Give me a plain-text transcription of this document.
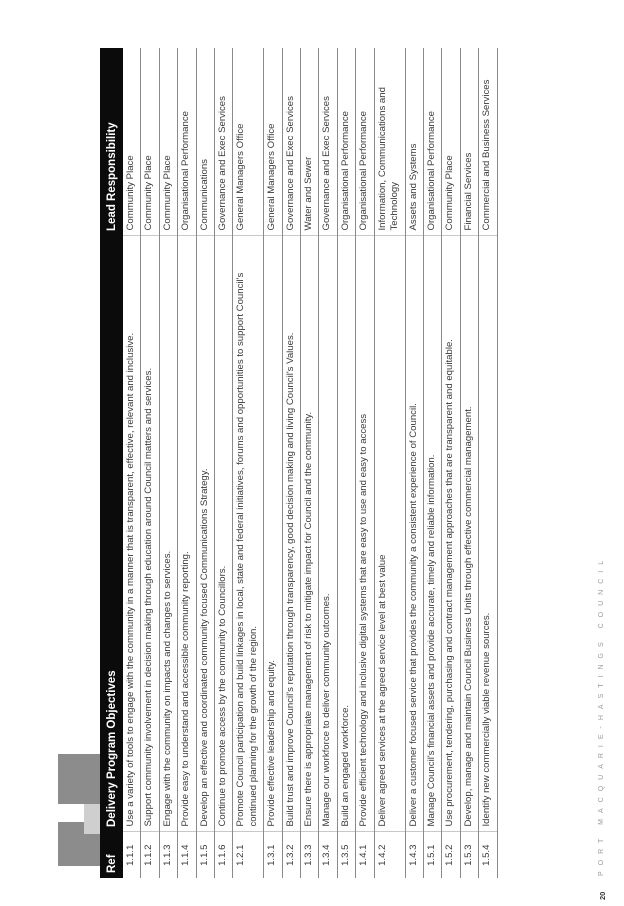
Ref	Delivery Program Objectives	Lead Responsibility
1.1.1	Use a variety of tools to engage with the community in a manner that is transparent, effective, relevant and inclusive.	Community Place
1.1.2	Support community involvement in decision making through education around Council matters and services.	Community Place
1.1.3	Engage with the community on impacts and changes to services.	Community Place
1.1.4	Provide easy to understand and accessible community reporting.	Organisational Performance
1.1.5	Develop an effective and coordinated community focused Communications Strategy.	Communications
1.1.6	Continue to promote access by the community to Councillors.	Governance and Exec Services
1.2.1	Promote Council participation and build linkages in local, state and federal initiatives, forums and opportunities to support Council's continued planning for the growth of the region.	General Managers Office
1.3.1	Provide effective leadership and equity.	General Managers Office
1.3.2	Build trust and improve Council's reputation through transparency, good decision making and living Council's Values.	Governance and Exec Services
1.3.3	Ensure there is appropriate management of risk to mitigate impact for Council and the community.	Water and Sewer
1.3.4	Manage our workforce to deliver community outcomes.	Governance and Exec Services
1.3.5	Build an engaged workforce.	Organisational Performance
1.4.1	Provide efficient technology and inclusive digital systems that are easy to use and easy to access	Organisational Performance
1.4.2	Deliver agreed services at the agreed service level at best value	Information, Communications and Technology
1.4.3	Deliver a customer focused service that provides the community a consistent experience of Council.	Assets and Systems
1.5.1	Manage Council's financial assets and provide accurate, timely and reliable information.	Organisational Performance
1.5.2	Use procurement, tendering, purchasing and contract management approaches that are transparent and equitable.	Community Place
1.5.3	Develop, manage and maintain Council Business Units through effective commercial management.	Financial Services
1.5.4	Identify new commercially viable revenue sources.	Commercial and Business Services
20
PORT MACQUARIE-HASTINGS COUNCIL
